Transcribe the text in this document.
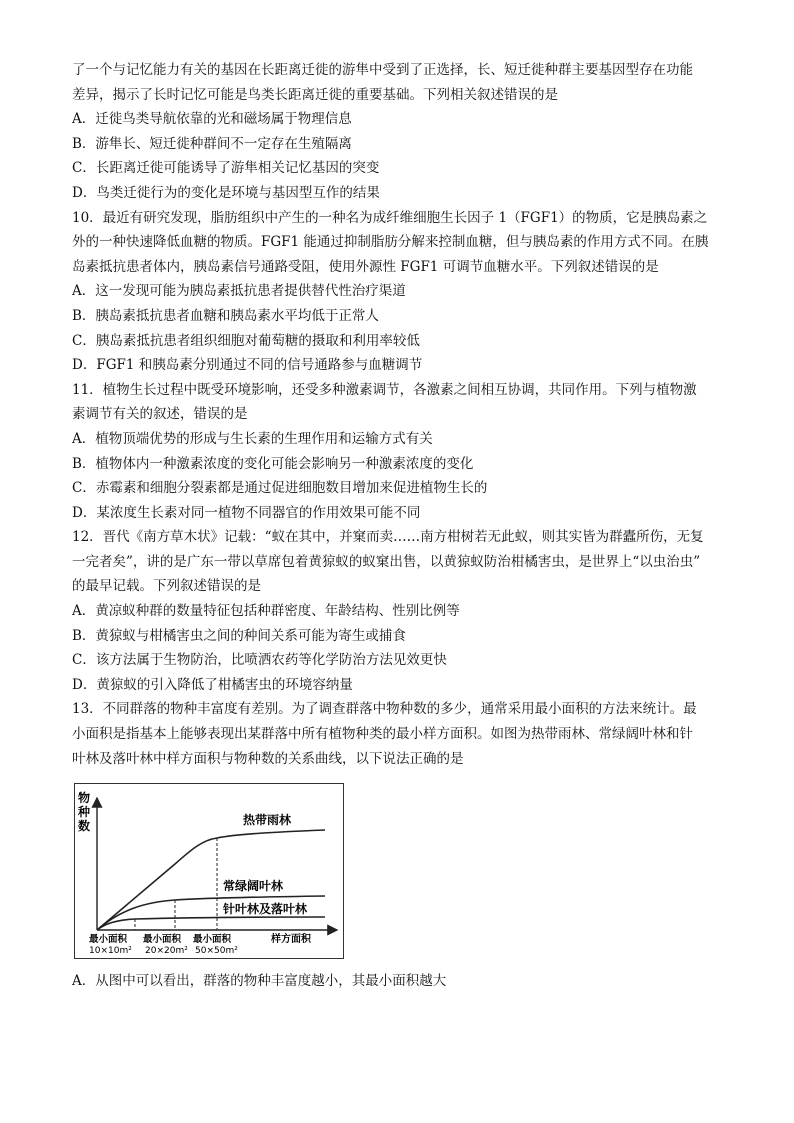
了一个与记忆能力有关的基因在长距离迁徙的游隼中受到了正选择，长、短迁徙种群主要基因型存在功能
差异，揭示了长时记忆可能是鸟类长距离迁徙的重要基础。下列相关叙述错误的是
A．迁徙鸟类导航依靠的光和磁场属于物理信息
B．游隼长、短迁徙种群间不一定存在生殖隔离
C．长距离迁徙可能诱导了游隼相关记忆基因的突变
D．鸟类迁徙行为的变化是环境与基因型互作的结果
10．最近有研究发现，脂肪组织中产生的一种名为成纤维细胞生长因子 1（FGF1）的物质，它是胰岛素之
外的一种快速降低血糖的物质。FGF1 能通过抑制脂肪分解来控制血糖，但与胰岛素的作用方式不同。在胰
岛素抵抗患者体内，胰岛素信号通路受阻，使用外源性 FGF1 可调节血糖水平。下列叙述错误的是
A．这一发现可能为胰岛素抵抗患者提供替代性治疗渠道
B．胰岛素抵抗患者血糖和胰岛素水平均低于正常人
C．胰岛素抵抗患者组织细胞对葡萄糖的摄取和利用率较低
D．FGF1 和胰岛素分别通过不同的信号通路参与血糖调节
11．植物生长过程中既受环境影响，还受多种激素调节，各激素之间相互协调，共同作用。下列与植物激
素调节有关的叙述，错误的是
A．植物顶端优势的形成与生长素的生理作用和运输方式有关
B．植物体内一种激素浓度的变化可能会影响另一种激素浓度的变化
C．赤霉素和细胞分裂素都是通过促进细胞数目增加来促进植物生长的
D．某浓度生长素对同一植物不同器官的作用效果可能不同
12．晋代《南方草木状》记载：“蚁在其中，并窠而卖……南方柑树若无此蚁，则其实皆为群蠹所伤，无复
一完者矣”，讲的是广东一带以草席包着黄猄蚁的蚁窠出售，以黄猄蚁防治柑橘害虫，是世界上“以虫治虫”
的最早记载。下列叙述错误的是
A．黄凉蚁种群的数量特征包括种群密度、年龄结构、性别比例等
B．黄猄蚁与柑橘害虫之间的种间关系可能为寄生或捕食
C．该方法属于生物防治，比喷洒农药等化学防治方法见效更快
D．黄猄蚁的引入降低了柑橘害虫的环境容纳量
13．不同群落的物种丰富度有差别。为了调查群落中物种数的多少，通常采用最小面积的方法来统计。最
小面积是指基本上能够表现出某群落中所有植物种类的最小样方面积。如图为热带雨林、常绿阔叶林和针
叶林及落叶林中样方面积与物种数的关系曲线，以下说法正确的是
物
种
数	热带雨林
常绿阔叶林
针叶林及落叶林
最小面积
10×10m²
最小面积
20×20m²
最小面积
50×50m²
样方面积
A．从图中可以看出，群落的物种丰富度越小，其最小面积越大
